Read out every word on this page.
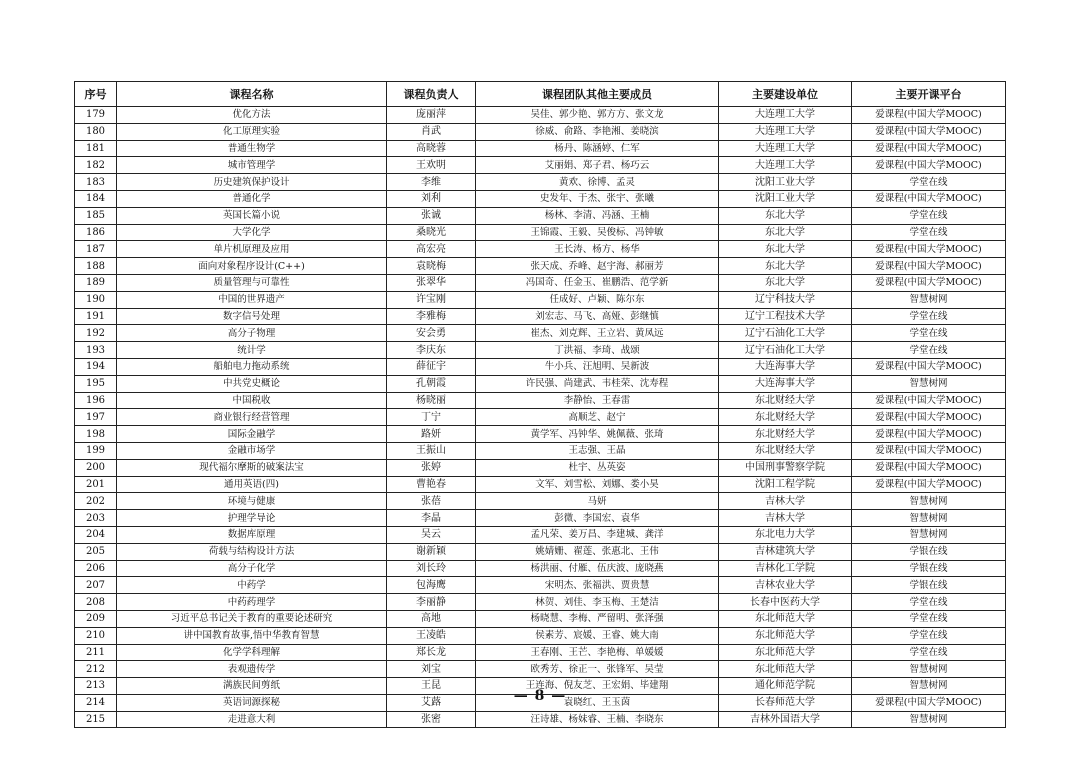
序号	课程名称	课程负责人	课程团队其他主要成员	主要建设单位	主要开课平台
179	优化方法	庞丽萍	吴佳、郭少艳、郭方方、张文龙	大连理工大学	爱课程(中国大学MOOC)
180	化工原理实验	肖武	徐威、俞路、李艳湘、姜晓滨	大连理工大学	爱课程(中国大学MOOC)
181	普通生物学	高晓蓉	杨丹、陈涵婷、仁军	大连理工大学	爱课程(中国大学MOOC)
182	城市管理学	王欢明	艾丽娟、郑子君、杨巧云	大连理工大学	爱课程(中国大学MOOC)
183	历史建筑保护设计	李维	黄欢、徐博、孟灵	沈阳工业大学	学堂在线
184	普通化学	刘利	史发年、于杰、张宇、张曦	沈阳工业大学	爱课程(中国大学MOOC)
185	英国长篇小说	张诚	杨林、李清、冯涵、王楠	东北大学	学堂在线
186	大学化学	桑晓光	王锦霞、王毅、吴俊标、冯钟敏	东北大学	学堂在线
187	单片机原理及应用	高宏亮	王长涛、杨方、杨华	东北大学	爱课程(中国大学MOOC)
188	面向对象程序设计(C++)	袁晓梅	张天成、乔峰、赵宇海、郝丽芳	东北大学	爱课程(中国大学MOOC)
189	质量管理与可靠性	张翠华	冯国奇、任金玉、崔鹏浩、范学新	东北大学	爱课程(中国大学MOOC)
190	中国的世界遗产	许宝刚	任成好、卢颖、陈尔东	辽宁科技大学	智慧树网
191	数字信号处理	李雅梅	刘宏志、马飞、高娅、彭继慎	辽宁工程技术大学	学堂在线
192	高分子物理	安会勇	崔杰、刘克辉、王立岩、黄凤远	辽宁石油化工大学	学堂在线
193	统计学	李庆东	丁洪福、李琦、战颂	辽宁石油化工大学	学堂在线
194	船舶电力拖动系统	薛征宇	牛小兵、汪旭明、吴新波	大连海事大学	爱课程(中国大学MOOC)
195	中共党史概论	孔朝霞	许民强、尚建武、韦桂荣、沈寿程	大连海事大学	智慧树网
196	中国税收	杨晓丽	李静怡、王春雷	东北财经大学	爱课程(中国大学MOOC)
197	商业银行经营管理	丁宁	高顺芝、赵宁	东北财经大学	爱课程(中国大学MOOC)
198	国际金融学	路妍	黄学军、冯钟华、姚佩薇、张琦	东北财经大学	爱课程(中国大学MOOC)
199	金融市场学	王振山	王志强、王晶	东北财经大学	爱课程(中国大学MOOC)
200	现代福尔摩斯的破案法宝	张婷	杜宇、丛英姿	中国刑事警察学院	爱课程(中国大学MOOC)
201	通用英语(四)	曹艳春	文军、刘雪松、刘娜、娄小昊	沈阳工程学院	爱课程(中国大学MOOC)
202	环境与健康	张蓓	马妍	吉林大学	智慧树网
203	护理学导论	李晶	彭微、李国宏、袁华	吉林大学	智慧树网
204	数据库原理	吴云	孟凡荣、姜万昌、李建城、龚洋	东北电力大学	智慧树网
205	荷载与结构设计方法	谢新颖	姚婧姗、翟莲、张惠北、王伟	吉林建筑大学	学银在线
206	高分子化学	刘长玲	杨洪丽、付雁、伍庆波、庞晓燕	吉林化工学院	学银在线
207	中药学	包海鹰	宋明杰、张福洪、贾贵慧	吉林农业大学	学银在线
208	中药药理学	李丽静	林贺、刘佳、李玉梅、王楚洁	长春中医药大学	学堂在线
209	习近平总书记关于教育的重要论述研究	高地	杨晓慧、李梅、严留明、张泽强	东北师范大学	学堂在线
210	讲中国教育故事,悟中华教育智慧	王凌皓	侯素芳、宸媛、王睿、姚大南	东北师范大学	学堂在线
211	化学学科理解	郑长龙	王春刚、王芒、李艳梅、单媛媛	东北师范大学	学堂在线
212	表观遗传学	刘宝	欧秀芳、徐正一、张锋军、吴莹	东北师范大学	智慧树网
213	满族民间剪纸	王昆	王连海、倪友芝、王宏娟、毕建翔	通化师范学院	智慧树网
214	英语词源探秘	艾蕗	袁晓红、王玉茵	长春师范大学	爱课程(中国大学MOOC)
215	走进意大利	张密	汪诗雄、杨妹睿、王楠、李晓东	吉林外国语大学	智慧树网
— 8 —
